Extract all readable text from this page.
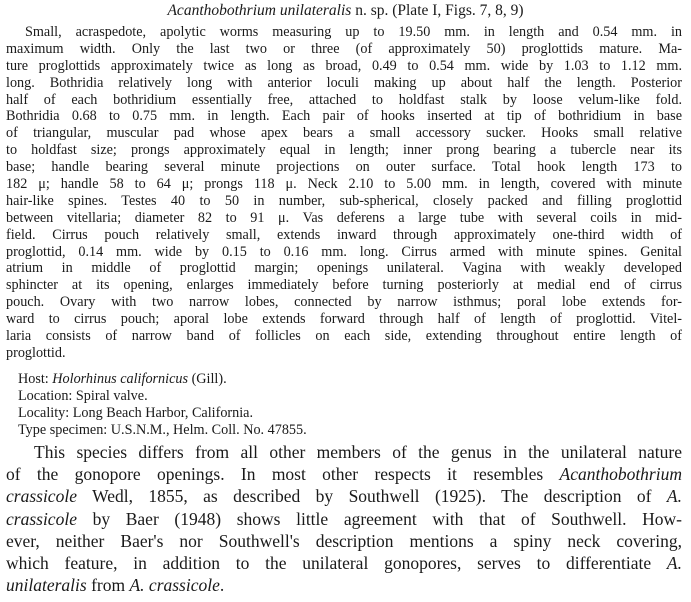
Acanthobothrium unilateralis n. sp. (Plate I, Figs. 7, 8, 9)
Small, acraspedote, apolytic worms measuring up to 19.50 mm. in length and 0.54 mm. in
maximum width. Only the last two or three (of approximately 50) proglottids mature. Ma-
ture proglottids approximately twice as long as broad, 0.49 to 0.54 mm. wide by 1.03 to 1.12 mm.
long. Bothridia relatively long with anterior loculi making up about half the length. Posterior
half of each bothridium essentially free, attached to holdfast stalk by loose velum-like fold.
Bothridia 0.68 to 0.75 mm. in length. Each pair of hooks inserted at tip of bothridium in base
of triangular, muscular pad whose apex bears a small accessory sucker. Hooks small relative
to holdfast size; prongs approximately equal in length; inner prong bearing a tubercle near its
base; handle bearing several minute projections on outer surface. Total hook length 173 to
182 μ; handle 58 to 64 μ; prongs 118 μ. Neck 2.10 to 5.00 mm. in length, covered with minute
hair-like spines. Testes 40 to 50 in number, sub-spherical, closely packed and filling proglottid
between vitellaria; diameter 82 to 91 μ. Vas deferens a large tube with several coils in mid-
field. Cirrus pouch relatively small, extends inward through approximately one-third width of
proglottid, 0.14 mm. wide by 0.15 to 0.16 mm. long. Cirrus armed with minute spines. Genital
atrium in middle of proglottid margin; openings unilateral. Vagina with weakly developed
sphincter at its opening, enlarges immediately before turning posteriorly at medial end of cirrus
pouch. Ovary with two narrow lobes, connected by narrow isthmus; poral lobe extends for-
ward to cirrus pouch; aporal lobe extends forward through half of length of proglottid. Vitel-
laria consists of narrow band of follicles on each side, extending throughout entire length of
proglottid.
Host: Holorhinus californicus (Gill).
Location: Spiral valve.
Locality: Long Beach Harbor, California.
Type specimen: U.S.N.M., Helm. Coll. No. 47855.
This species differs from all other members of the genus in the unilateral nature
of the gonopore openings. In most other respects it resembles Acanthobothrium
crassicole Wedl, 1855, as described by Southwell (1925). The description of A.
crassicole by Baer (1948) shows little agreement with that of Southwell. How-
ever, neither Baer's nor Southwell's description mentions a spiny neck covering,
which feature, in addition to the unilateral gonopores, serves to differentiate A.
unilateralis from A. crassicole.
